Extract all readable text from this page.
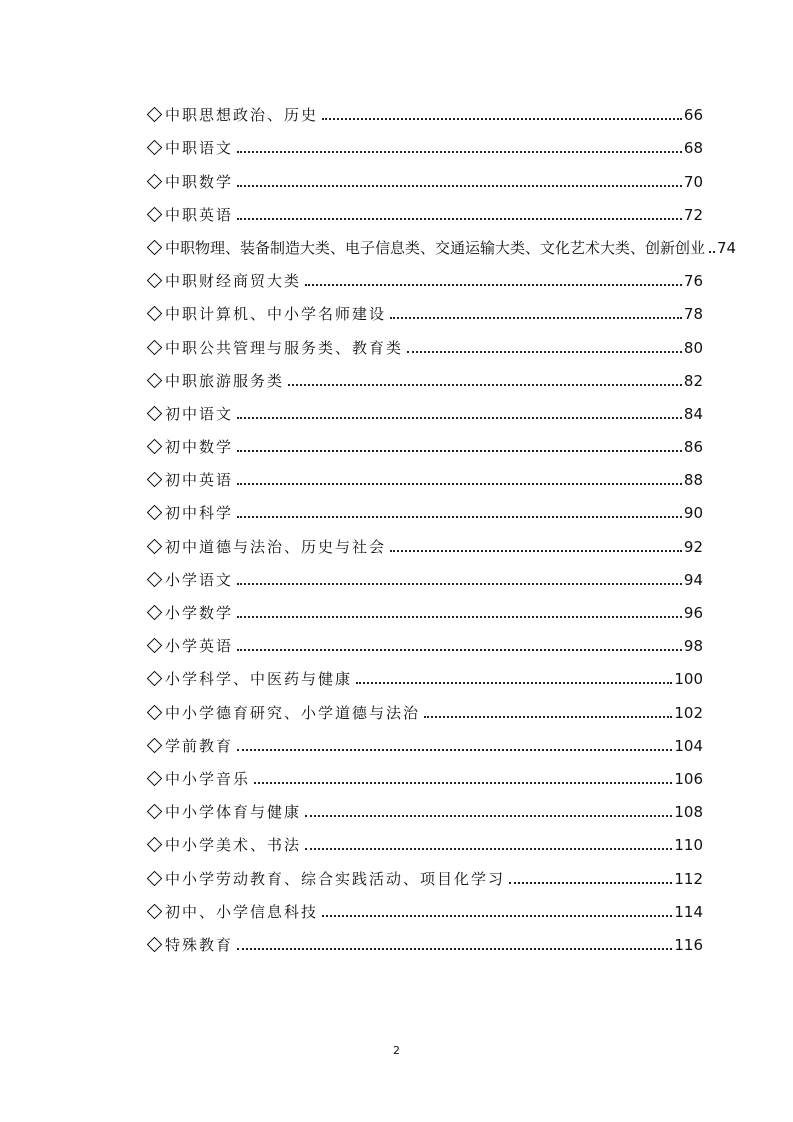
中职思想政治、历史	66
中职语文	68
中职数学	70
中职英语	72
中职物理、装备制造大类、电子信息类、交通运输大类、文化艺术大类、创新创业 74
中职财经商贸大类	76
中职计算机、中小学名师建设	78
中职公共管理与服务类、教育类	80
中职旅游服务类	82
初中语文	84
初中数学	86
初中英语	88
初中科学	90
初中道德与法治、历史与社会	92
小学语文	94
小学数学	96
小学英语	98
小学科学、中医药与健康	100
中小学德育研究、小学道德与法治	102
学前教育	104
中小学音乐	106
中小学体育与健康	108
中小学美术、书法	110
中小学劳动教育、综合实践活动、项目化学习	112
初中、小学信息科技	114
特殊教育	116
2
